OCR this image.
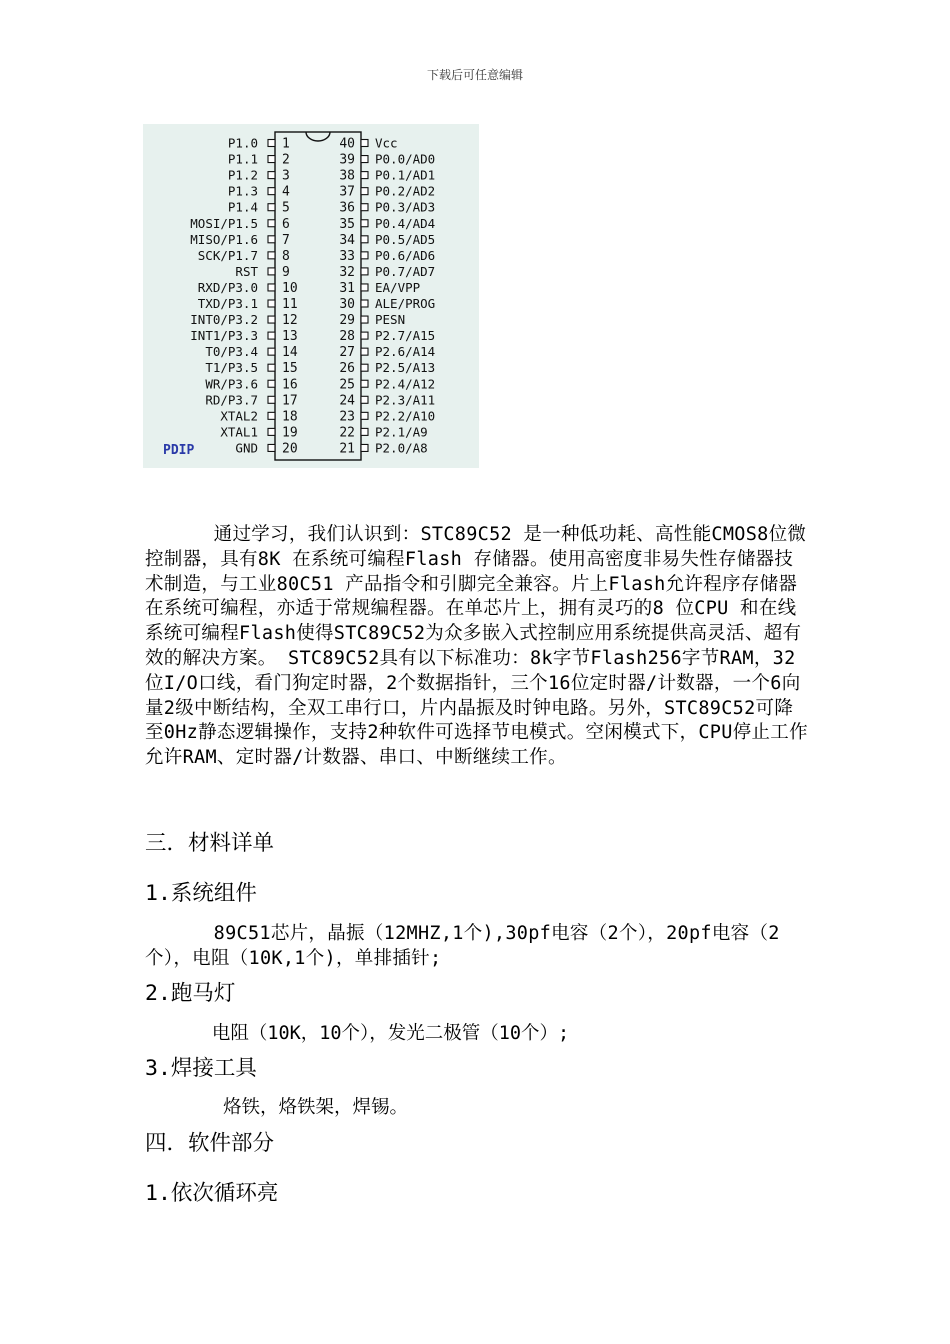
下载后可任意编辑
PDIP
1
P1.0
2
P1.1
3
P1.2
4
P1.3
5
P1.4
6
MOSI/P1.5
7
MISO/P1.6
8
SCK/P1.7
9
RST
10
RXD/P3.0
11
TXD/P3.1
12
INT0/P3.2
13
INT1/P3.3
14
T0/P3.4
15
T1/P3.5
16
WR/P3.6
17
RD/P3.7
18
XTAL2
19
XTAL1
20
GND
40 Vcc
39 P0.0/AD0
38 P0.1/AD1
37 P0.2/AD2
36 P0.3/AD3
35 P0.4/AD4
34 P0.5/AD5
33 P0.6/AD6
32 P0.7/AD7
31 EA/VPP
30 ALE/PROG
29 PESN
28 P2.7/A15
27 P2.6/A14
26 P2.5/A13
25 P2.4/A12
24 P2.3/A11
23 P2.2/A10
22 P2.1/A9
21 P2.0/A8
通过学习，我们认识到：STC89C52 是一种低功耗、高性能CMOS8位微控制器，具有8K 在系统可编程Flash 存储器。使用高密度非易失性存储器技术制造，与工业80C51 产品指令和引脚完全兼容。片上Flash允许程序存储器在系统可编程，亦适于常规编程器。在单芯片上，拥有灵巧的8 位CPU 和在线系统可编程Flash使得STC89C52为众多嵌入式控制应用系统提供高灵活、超有效的解决方案。 STC89C52具有以下标准功：8k字节Flash256字节RAM，32位I/O口线，看门狗定时器，2个数据指针，三个16位定时器/计数器，一个6向量2级中断结构，全双工串行口，片内晶振及时钟电路。另外，STC89C52可降至0Hz静态逻辑操作，支持2种软件可选择节电模式。空闲模式下，CPU停止工作允许RAM、定时器/计数器、串口、中断继续工作。
三．材料详单
1.系统组件
89C51芯片，晶振（12MHZ,1个),30pf电容（2个），20pf电容（2个），电阻（10K,1个)，单排插针;
2.跑马灯
电阻（10K，10个），发光二极管（10个）;
3.焊接工具
烙铁，烙铁架，焊锡。
四．软件部分
1.依次循环亮
